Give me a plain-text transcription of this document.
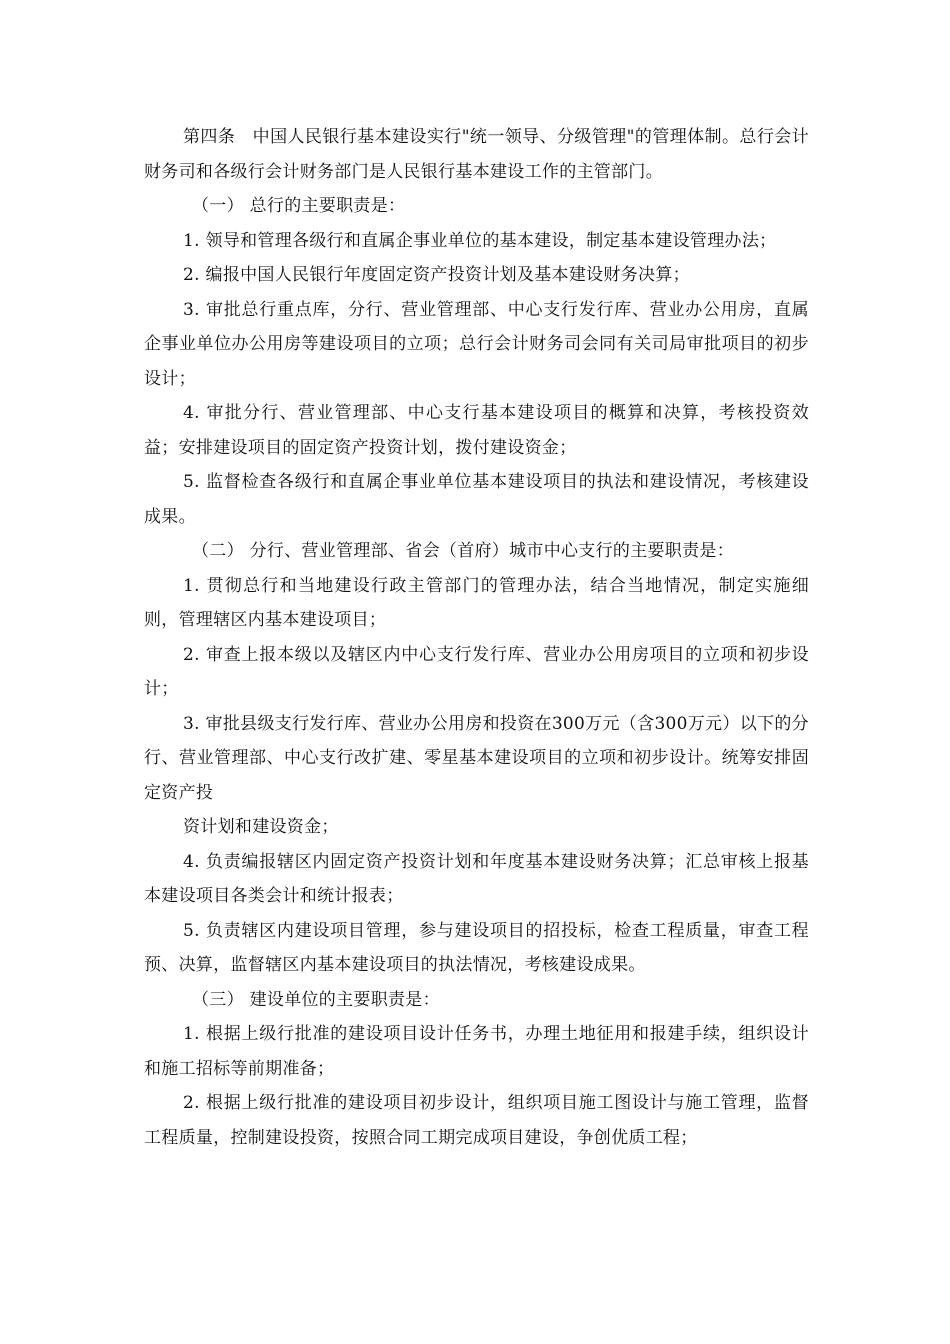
第四条　中国人民银行基本建设实行"统一领导、分级管理"的管理体制。总行会计财务司和各级行会计财务部门是人民银行基本建设工作的主管部门。

（一） 总行的主要职责是：

1. 领导和管理各级行和直属企事业单位的基本建设，制定基本建设管理办法；

2. 编报中国人民银行年度固定资产投资计划及基本建设财务决算；

3. 审批总行重点库，分行、营业管理部、中心支行发行库、营业办公用房，直属企事业单位办公用房等建设项目的立项；总行会计财务司会同有关司局审批项目的初步设计；

4. 审批分行、营业管理部、中心支行基本建设项目的概算和决算，考核投资效益；安排建设项目的固定资产投资计划，拨付建设资金；

5. 监督检查各级行和直属企事业单位基本建设项目的执法和建设情况，考核建设成果。

（二） 分行、营业管理部、省会（首府）城市中心支行的主要职责是：

1. 贯彻总行和当地建设行政主管部门的管理办法，结合当地情况，制定实施细则，管理辖区内基本建设项目；

2. 审查上报本级以及辖区内中心支行发行库、营业办公用房项目的立项和初步设计；

3. 审批县级支行发行库、营业办公用房和投资在300万元（含300万元）以下的分行、营业管理部、中心支行改扩建、零星基本建设项目的立项和初步设计。统筹安排固定资产投

资计划和建设资金；

4. 负责编报辖区内固定资产投资计划和年度基本建设财务决算；汇总审核上报基本建设项目各类会计和统计报表；

5. 负责辖区内建设项目管理，参与建设项目的招投标，检查工程质量，审查工程预、决算，监督辖区内基本建设项目的执法情况，考核建设成果。

（三） 建设单位的主要职责是：

1. 根据上级行批准的建设项目设计任务书，办理土地征用和报建手续，组织设计和施工招标等前期准备；

2. 根据上级行批准的建设项目初步设计，组织项目施工图设计与施工管理，监督工程质量，控制建设投资，按照合同工期完成项目建设，争创优质工程；
